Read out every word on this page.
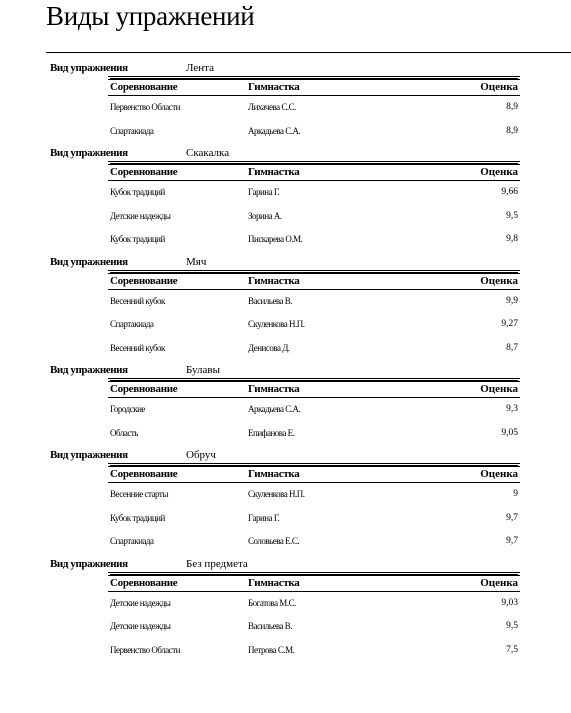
Виды упражнений
Вид упражнения	Лента
Соревнование	Гимнастка	Оценка
Первенство Области	Лихачева С.С.	8,9
Спартакиада	Аркадьева С.А.	8,9
Вид упражнения	Скакалка
Соревнование	Гимнастка	Оценка
Кубок традиций	Гарина Г.	9,66
Детские надежды	Зорина А.	9,5
Кубок традиций	Пискарева О.М.	9,8
Вид упражнения	Мяч
Соревнование	Гимнастка	Оценка
Весенний кубок	Васильева В.	9,9
Спартакиада	Скуленкова Н.П.	9,27
Весенний кубок	Денисова Д.	8,7
Вид упражнения	Булавы
Соревнование	Гимнастка	Оценка
Городские	Аркадьева С.А.	9,3
Область	Епифанова Е.	9,05
Вид упражнения	Обруч
Соревнование	Гимнастка	Оценка
Весенние старты	Скуленкова Н.П.	9
Кубок традиций	Гарина Г.	9,7
Спартакиада	Соловьева Е.С.	9,7
Вид упражнения	Без предмета
Соревнование	Гимнастка	Оценка
Детские надежды	Богатова М.С.	9,03
Детские надежды	Васильева В.	9,5
Первенство Области	Петрова С.М.	7,5
